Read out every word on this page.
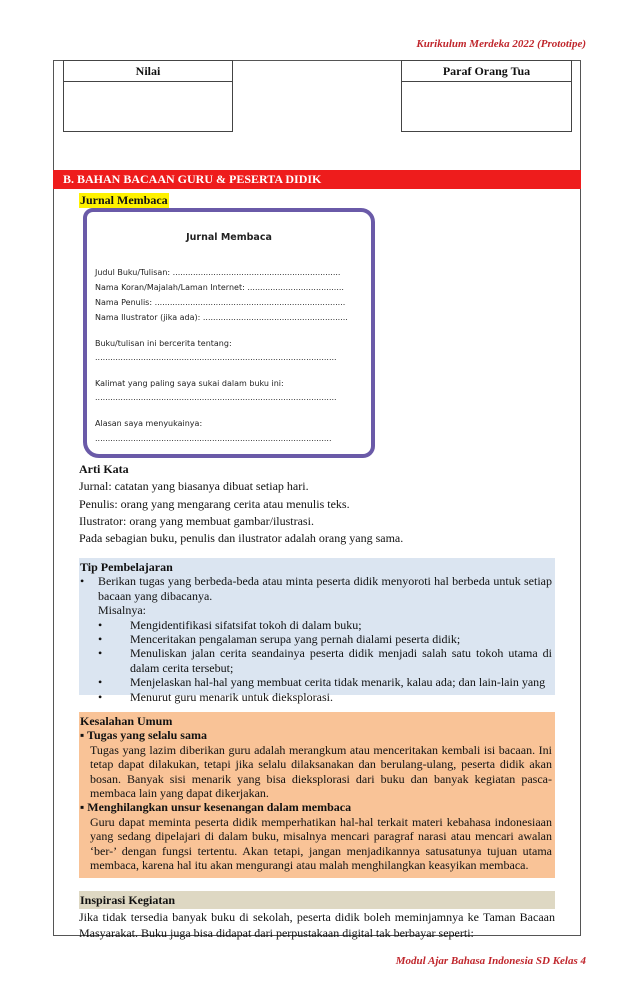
Kurikulum Merdeka 2022 (Prototipe)
Nilai	Paraf Orang Tua
B. BAHAN BACAAN GURU & PESERTA DIDIK
Jurnal Membaca
Jurnal Membaca
Judul Buku/Tulisan: ..................................................................
Nama Koran/Majalah/Laman Internet: ......................................
Nama Penulis: ...........................................................................
Nama Ilustrator (jika ada): .........................................................
Buku/tulisan ini bercerita tentang:
...............................................................................................
Kalimat yang paling saya sukai dalam buku ini:
...............................................................................................
Alasan saya menyukainya:
.............................................................................................

Arti Kata

Jurnal: catatan yang biasanya dibuat setiap hari.

Penulis: orang yang mengarang cerita atau menulis teks.

Ilustrator: orang yang membuat gambar/ilustrasi.

Pada sebagian buku, penulis dan ilustrator adalah orang yang sama.

Tip Pembelajaran
•	Berikan tugas yang berbeda-beda atau minta peserta didik menyoroti hal berbeda untuk setiap bacaan yang dibacanya.
Misalnya:
•	Mengidentifikasi sifatsifat tokoh di dalam buku;
•	Menceritakan pengalaman serupa yang pernah dialami peserta didik;
•	Menuliskan jalan cerita seandainya peserta didik menjadi salah satu tokoh utama di dalam cerita tersebut;
•	Menjelaskan hal-hal yang membuat cerita tidak menarik, kalau ada; dan lain-lain yang
•	Menurut guru menarik untuk dieksplorasi.
Kesalahan Umum
▪ Tugas yang selalu sama
Tugas yang lazim diberikan guru adalah merangkum atau menceritakan kembali isi bacaan. Ini tetap dapat dilakukan, tetapi jika selalu dilaksanakan dan berulang-ulang, peserta didik akan bosan. Banyak sisi menarik yang bisa dieksplorasi dari buku dan banyak kegiatan pasca-membaca lain yang dapat dikerjakan.
▪ Menghilangkan unsur kesenangan dalam membaca
Guru dapat meminta peserta didik memperhatikan hal-hal terkait materi kebahasa indonesiaan yang sedang dipelajari di dalam buku, misalnya mencari paragraf narasi atau mencari awalan ‘ber-’ dengan fungsi tertentu. Akan tetapi, jangan menjadikannya satusatunya tujuan utama membaca, karena hal itu akan mengurangi atau malah menghilangkan keasyikan membaca.
Inspirasi Kegiatan
Jika tidak tersedia banyak buku di sekolah, peserta didik boleh meminjamnya ke Taman Bacaan Masyarakat. Buku juga bisa didapat dari perpustakaan digital tak berbayar seperti:
Modul Ajar Bahasa Indonesia SD Kelas 4
